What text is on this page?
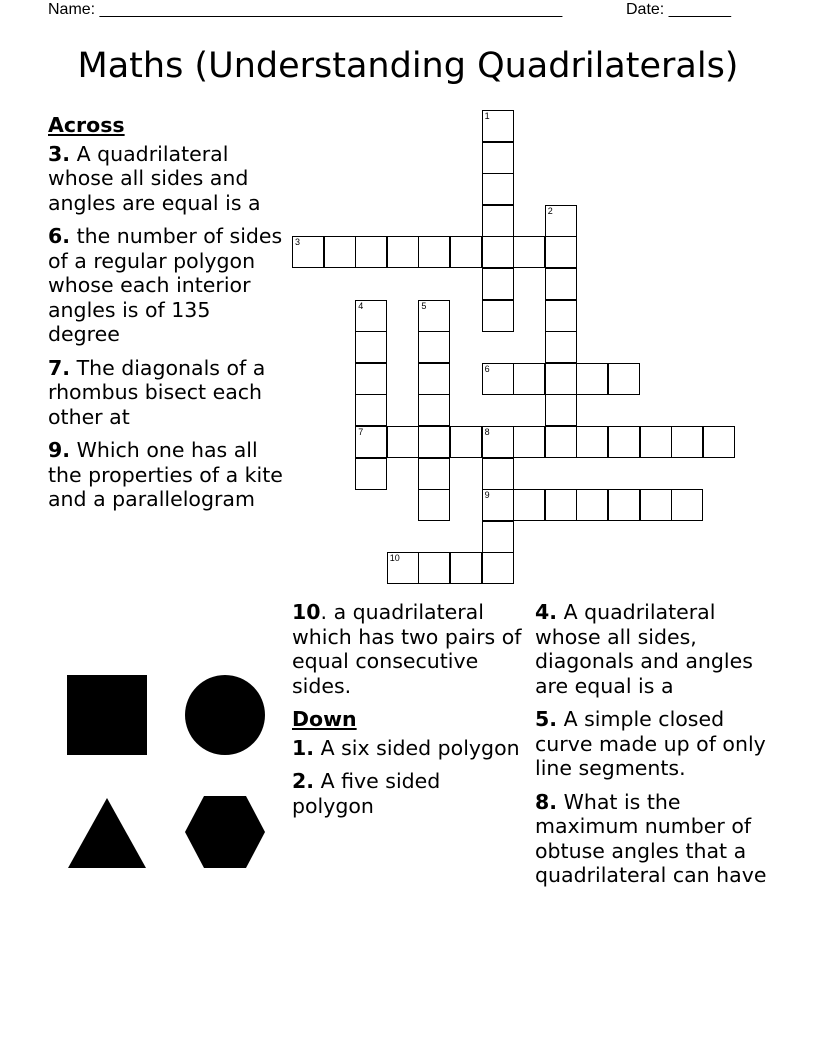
Name: ____________________________________________________	Date: _______
Maths (Understanding Quadrilaterals)
Across
3. A quadrilateral whose all sides and angles are equal is a
6. the number of sides of a regular polygon whose each interior angles is of 135 degree
7. The diagonals of a rhombus bisect each other at
9. Which one has all the properties of a kite and a parallelogram
10. a quadrilateral which has two pairs of equal consecutive sides.
Down
1. A six sided polygon
2. A five sided polygon
4. A quadrilateral whose all sides, diagonals and angles are equal is a
5. A simple closed curve made up of only line segments.
8. What is the maximum number of obtuse angles that a quadrilateral can have
1
2
3
4
7
5
6
8
9
10
